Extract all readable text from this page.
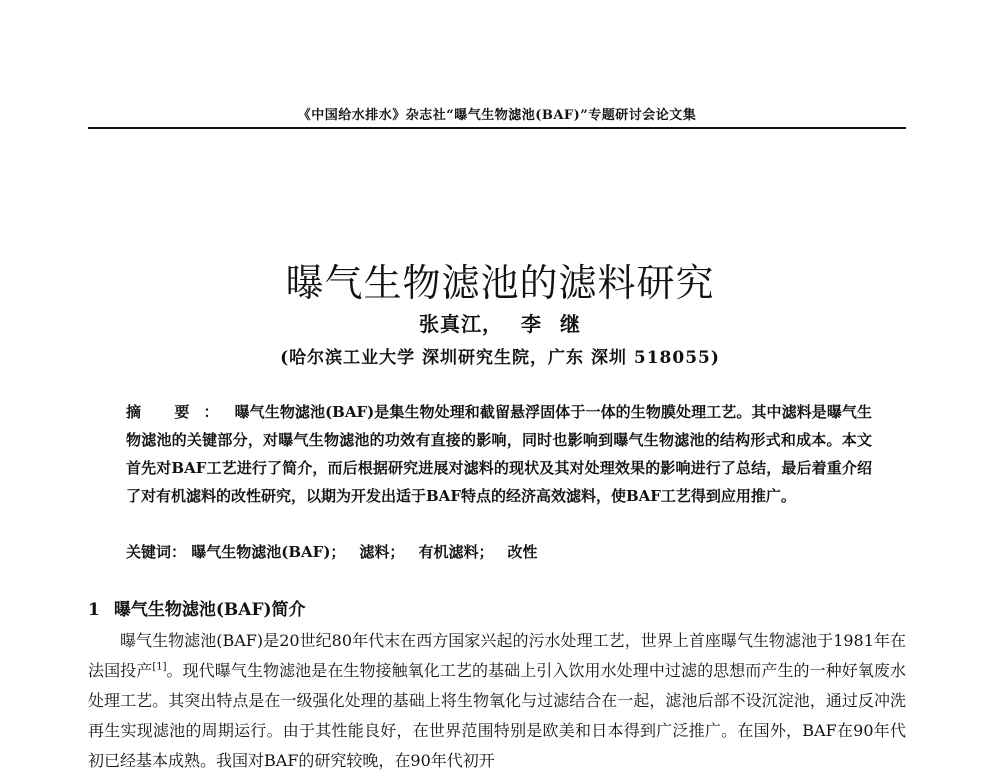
《中国给水排水》杂志社“曝气生物滤池(BAF)”专题研讨会论文集
曝气生物滤池的滤料研究
张真江， 李 继
(哈尔滨工业大学 深圳研究生院，广东 深圳 518055)

摘 要： 曝气生物滤池(BAF)是集生物处理和截留悬浮固体于一体的生物膜处理工艺。其中滤料是曝气生物滤池的关键部分，对曝气生物滤池的功效有直接的影响，同时也影响到曝气生物滤池的结构形式和成本。本文首先对BAF工艺进行了简介，而后根据研究进展对滤料的现状及其对处理效果的影响进行了总结，最后着重介绍了对有机滤料的改性研究，以期为开发出适于BAF特点的经济高效滤料，使BAF工艺得到应用推广。

关键词： 曝气生物滤池(BAF)； 滤料； 有机滤料； 改性

1 曝气生物滤池(BAF)简介

曝气生物滤池(BAF)是20世纪80年代末在西方国家兴起的污水处理工艺，世界上首座曝气生物滤池于1981年在法国投产[1]。现代曝气生物滤池是在生物接触氧化工艺的基础上引入饮用水处理中过滤的思想而产生的一种好氧废水处理工艺。其突出特点是在一级强化处理的基础上将生物氧化与过滤结合在一起，滤池后部不设沉淀池，通过反冲洗再生实现滤池的周期运行。由于其性能良好，在世界范围特别是欧美和日本得到广泛推广。在国外，BAF在90年代初已经基本成熟。我国对BAF的研究较晚，在90年代初开
